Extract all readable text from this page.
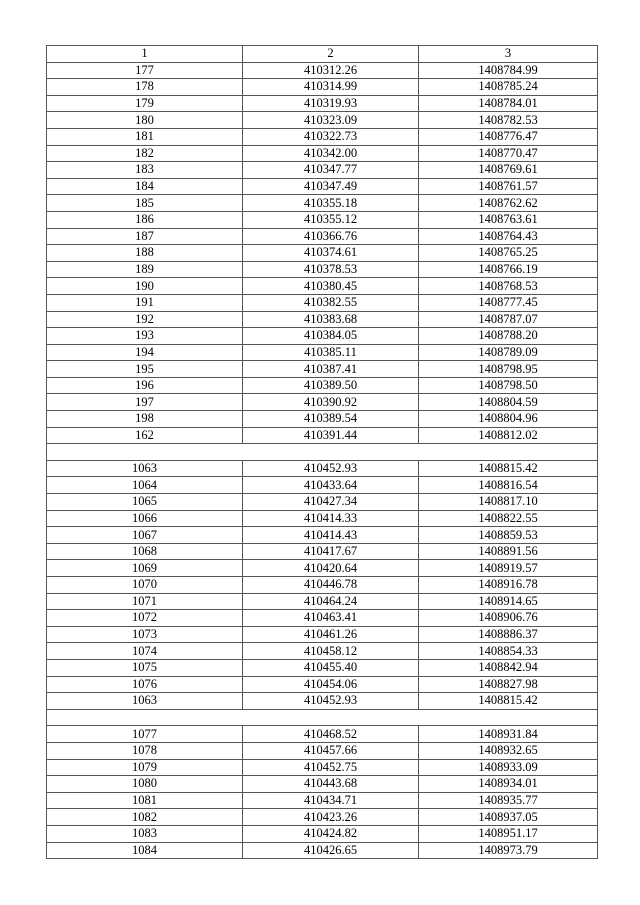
1	2	3
177	410312.26	1408784.99
178	410314.99	1408785.24
179	410319.93	1408784.01
180	410323.09	1408782.53
181	410322.73	1408776.47
182	410342.00	1408770.47
183	410347.77	1408769.61
184	410347.49	1408761.57
185	410355.18	1408762.62
186	410355.12	1408763.61
187	410366.76	1408764.43
188	410374.61	1408765.25
189	410378.53	1408766.19
190	410380.45	1408768.53
191	410382.55	1408777.45
192	410383.68	1408787.07
193	410384.05	1408788.20
194	410385.11	1408789.09
195	410387.41	1408798.95
196	410389.50	1408798.50
197	410390.92	1408804.59
198	410389.54	1408804.96
162	410391.44	1408812.02

1063	410452.93	1408815.42
1064	410433.64	1408816.54
1065	410427.34	1408817.10
1066	410414.33	1408822.55
1067	410414.43	1408859.53
1068	410417.67	1408891.56
1069	410420.64	1408919.57
1070	410446.78	1408916.78
1071	410464.24	1408914.65
1072	410463.41	1408906.76
1073	410461.26	1408886.37
1074	410458.12	1408854.33
1075	410455.40	1408842.94
1076	410454.06	1408827.98
1063	410452.93	1408815.42

1077	410468.52	1408931.84
1078	410457.66	1408932.65
1079	410452.75	1408933.09
1080	410443.68	1408934.01
1081	410434.71	1408935.77
1082	410423.26	1408937.05
1083	410424.82	1408951.17
1084	410426.65	1408973.79
